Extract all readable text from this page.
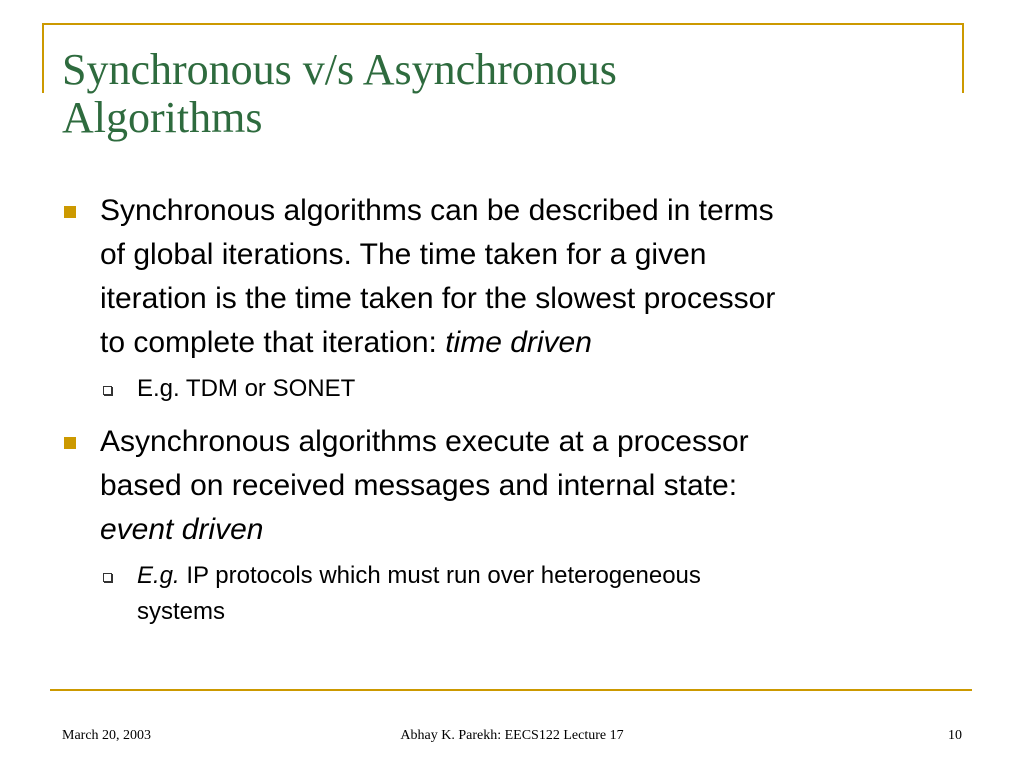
Synchronous v/s Asynchronous
Algorithms

Synchronous algorithms can be described in terms
of global iterations. The time taken for a given
iteration is the time taken for the slowest processor
to complete that iteration: time driven

E.g. TDM or SONET

Asynchronous algorithms execute at a processor
based on received messages and internal state:
event driven

E.g. IP protocols which must run over heterogeneous
systems

March 20, 2003	Abhay K. Parekh: EECS122 Lecture 17	10
